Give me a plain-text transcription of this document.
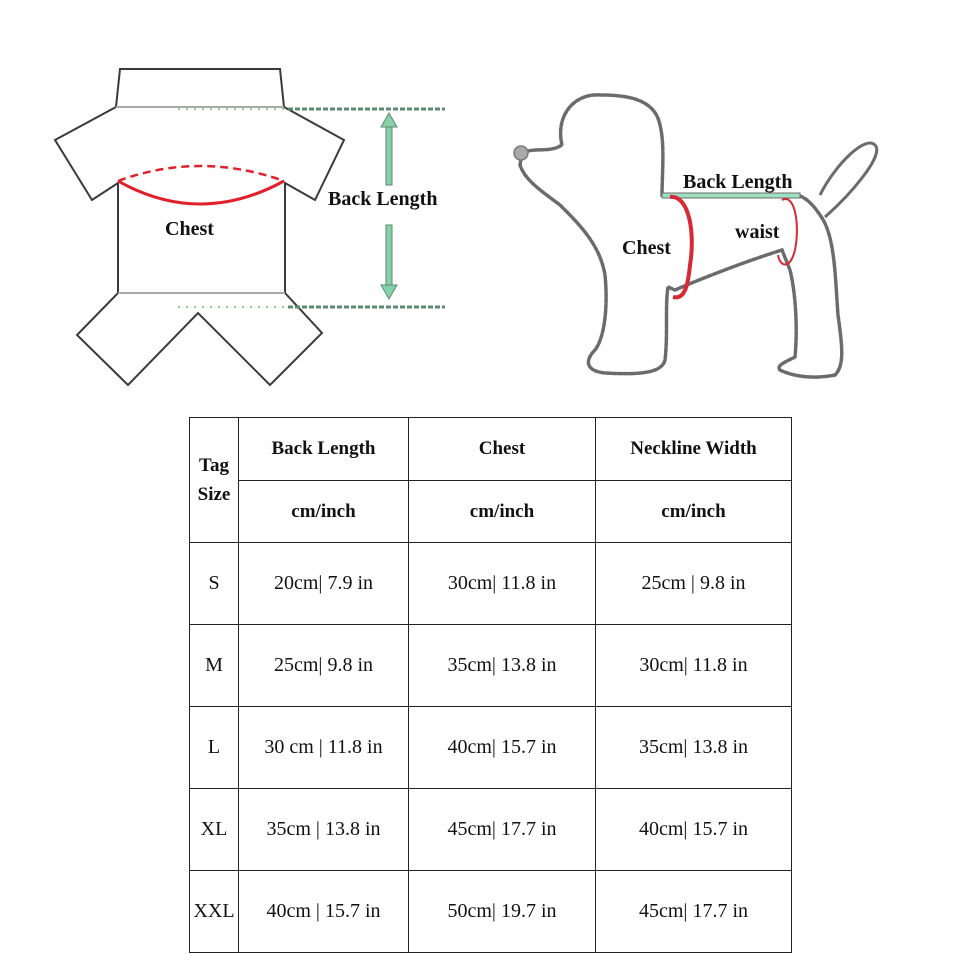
Chest
Back Length
Back Length
Chest
waist
Tag
Size	Back Length	Chest	Neckline Width
	cm/inch	cm/inch	cm/inch
S	20cm| 7.9 in	30cm| 11.8 in	25cm | 9.8 in
M	25cm| 9.8 in	35cm| 13.8 in	30cm| 11.8 in
L	30 cm | 11.8 in	40cm| 15.7 in	35cm| 13.8 in
XL	35cm | 13.8 in	45cm| 17.7 in	40cm| 15.7 in
XXL	40cm | 15.7 in	50cm| 19.7 in	45cm| 17.7 in
